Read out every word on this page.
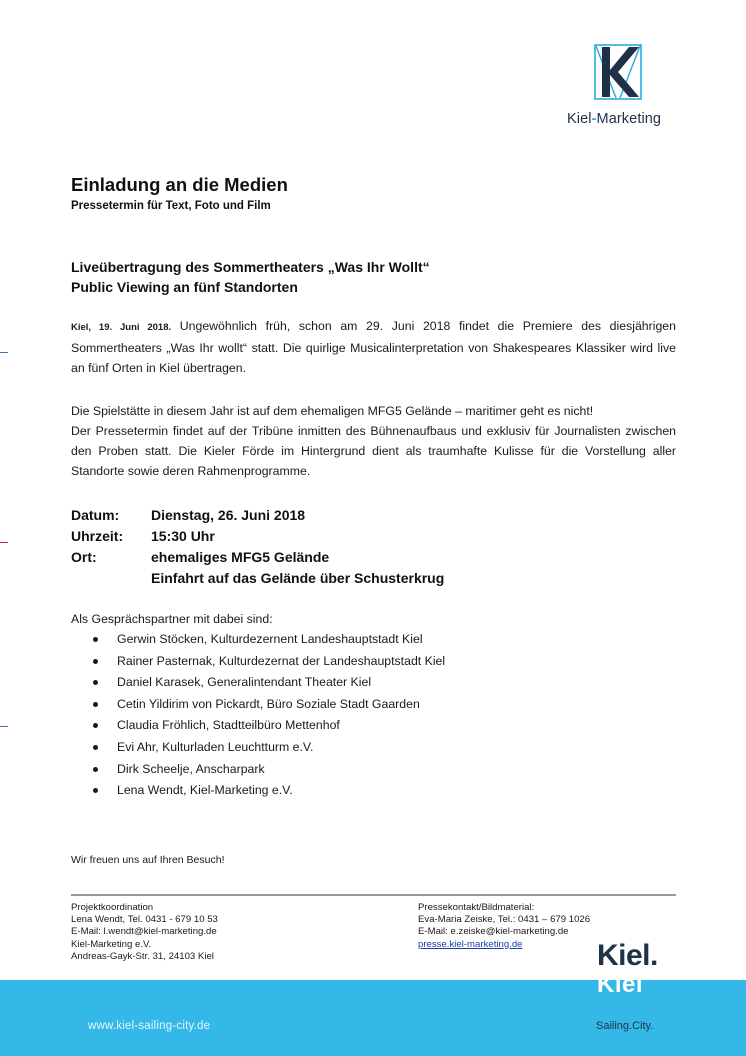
Kiel-Marketing
Einladung an die Medien
Pressetermin für Text, Foto und Film
Liveübertragung des Sommertheaters „Was Ihr Wollt“
Public Viewing an fünf Standorten
Kiel, 19. Juni 2018. Ungewöhnlich früh, schon am 29. Juni 2018 findet die Premiere des diesjährigen Sommertheaters „Was Ihr wollt“ statt. Die quirlige Musicalinterpretation von Shakespeares Klassiker wird live an fünf Orten in Kiel übertragen.
Die Spielstätte in diesem Jahr ist auf dem ehemaligen MFG5 Gelände – maritimer geht es nicht!
Der Pressetermin findet auf der Tribüne inmitten des Bühnenaufbaus und exklusiv für Journalisten zwischen den Proben statt. Die Kieler Förde im Hintergrund dient als traumhafte Kulisse für die Vorstellung aller Standorte sowie deren Rahmenprogramme.
Datum:	Dienstag, 26. Juni 2018
Uhrzeit:	15:30 Uhr
Ort:	ehemaliges MFG5 Gelände
Einfahrt auf das Gelände über Schusterkrug
Als Gesprächspartner mit dabei sind:
Gerwin Stöcken, Kulturdezernent Landeshauptstadt Kiel
Rainer Pasternak, Kulturdezernat der Landeshauptstadt Kiel
Daniel Karasek, Generalintendant Theater Kiel
Cetin Yildirim von Pickardt, Büro Soziale Stadt Gaarden
Claudia Fröhlich, Stadtteilbüro Mettenhof
Evi Ahr, Kulturladen Leuchtturm e.V.
Dirk Scheelje, Anscharpark
Lena Wendt, Kiel-Marketing e.V.
Wir freuen uns auf Ihren Besuch!
Projektkoordination
Lena Wendt, Tel. 0431 - 679 10 53
E-Mail: l.wendt@kiel-marketing.de
Kiel-Marketing e.V.
Andreas-Gayk-Str. 31, 24103 Kiel
Pressekontakt/Bildmaterial:
Eva-Maria Zeiske, Tel.: 0431 – 679 1026
E-Mail: e.zeiske@kiel-marketing.de
presse.kiel-marketing.de
www.kiel-sailing-city.de
Kiel.
Kiel
Sailing.City.
